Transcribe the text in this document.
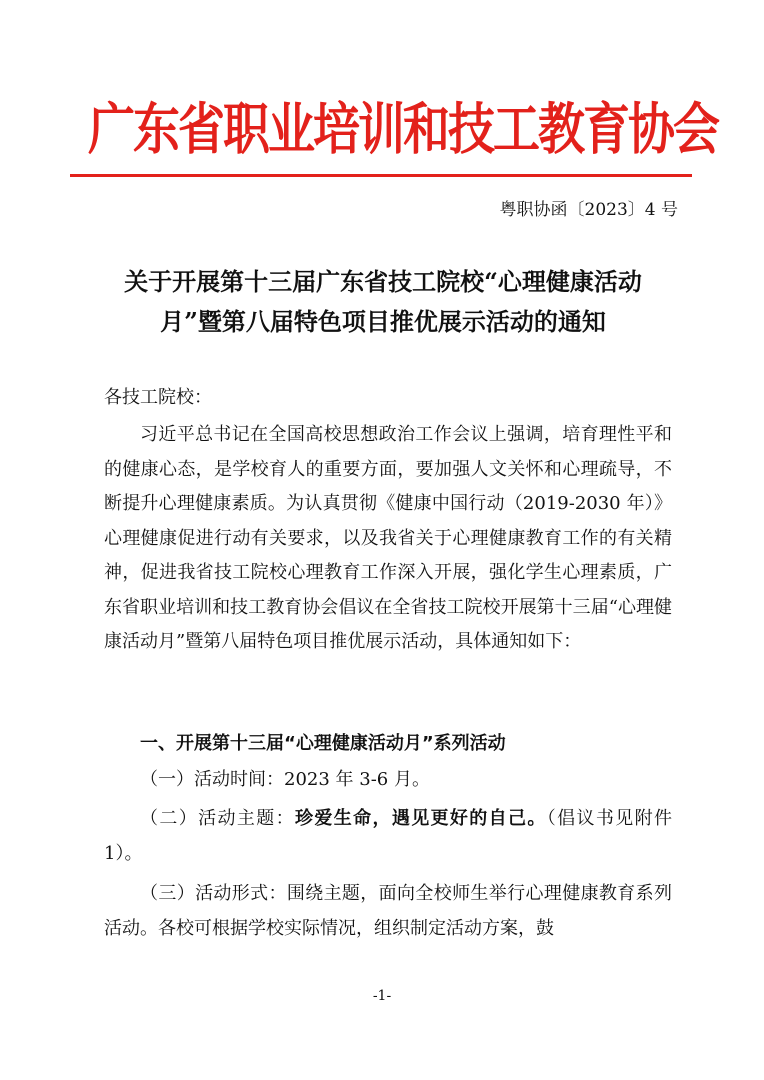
广东省职业培训和技工教育协会
粤职协函〔2023〕4 号
关于开展第十三届广东省技工院校“心理健康活动
月”暨第八届特色项目推优展示活动的通知
各技工院校：
习近平总书记在全国高校思想政治工作会议上强调，培育理性平和的健康心态，是学校育人的重要方面，要加强人文关怀和心理疏导，不断提升心理健康素质。为认真贯彻《健康中国行动（2019-2030 年）》心理健康促进行动有关要求，以及我省关于心理健康教育工作的有关精神，促进我省技工院校心理教育工作深入开展，强化学生心理素质，广东省职业培训和技工教育协会倡议在全省技工院校开展第十三届“心理健康活动月”暨第八届特色项目推优展示活动，具体通知如下：
一、开展第十三届“心理健康活动月”系列活动
（一）活动时间：2023 年 3-6 月。
（二）活动主题：珍爱生命，遇见更好的自己。（倡议书见附件 1）。
（三）活动形式：围绕主题，面向全校师生举行心理健康教育系列活动。各校可根据学校实际情况，组织制定活动方案，鼓
-1-
